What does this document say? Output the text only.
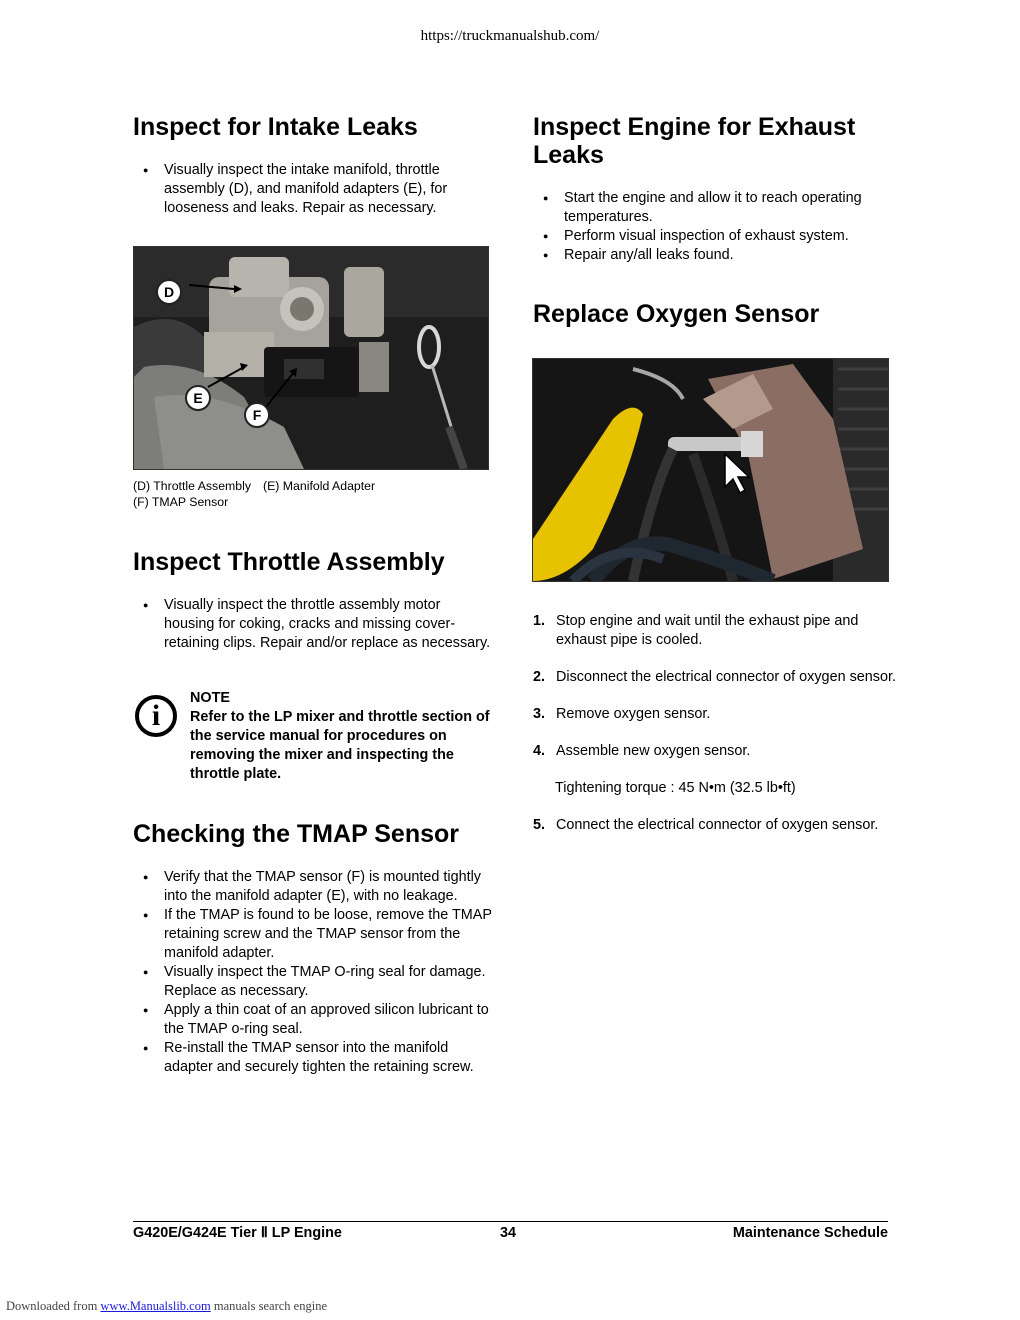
https://truckmanualshub.com/
Inspect for Intake Leaks
● Visually inspect the intake manifold, throttle assembly (D), and manifold adapters (E), for looseness and leaks. Repair as necessary.
D
E
F
(D) Throttle Assembly (E) Manifold Adapter
(F) TMAP Sensor
Inspect Throttle Assembly
● Visually inspect the throttle assembly motor housing for coking, cracks and missing cover-retaining clips. Repair and/or replace as necessary.
i
NOTE
Refer to the LP mixer and throttle section of the service manual for procedures on removing the mixer and inspecting the throttle plate.
Checking the TMAP Sensor
● Verify that the TMAP sensor (F) is mounted tightly into the manifold adapter (E), with no leakage.
● If the TMAP is found to be loose, remove the TMAP retaining screw and the TMAP sensor from the manifold adapter.
● Visually inspect the TMAP O-ring seal for damage. Replace as necessary.
● Apply a thin coat of an approved silicon lubricant to the TMAP o-ring seal.
● Re-install the TMAP sensor into the manifold adapter and securely tighten the retaining screw.
Inspect Engine for Exhaust Leaks
● Start the engine and allow it to reach operating temperatures.
● Perform visual inspection of exhaust system.
● Repair any/all leaks found.
Replace Oxygen Sensor
1. Stop engine and wait until the exhaust pipe and exhaust pipe is cooled.
2. Disconnect the electrical connector of oxygen sensor.
3. Remove oxygen sensor.
4. Assemble new oxygen sensor.

Tightening torque : 45 N•m (32.5 lb•ft)

5. Connect the electrical connector of oxygen sensor.
G420E/G424E Tier Ⅱ LP Engine	34	Maintenance Schedule
Downloaded from www.Manualslib.com manuals search engine
